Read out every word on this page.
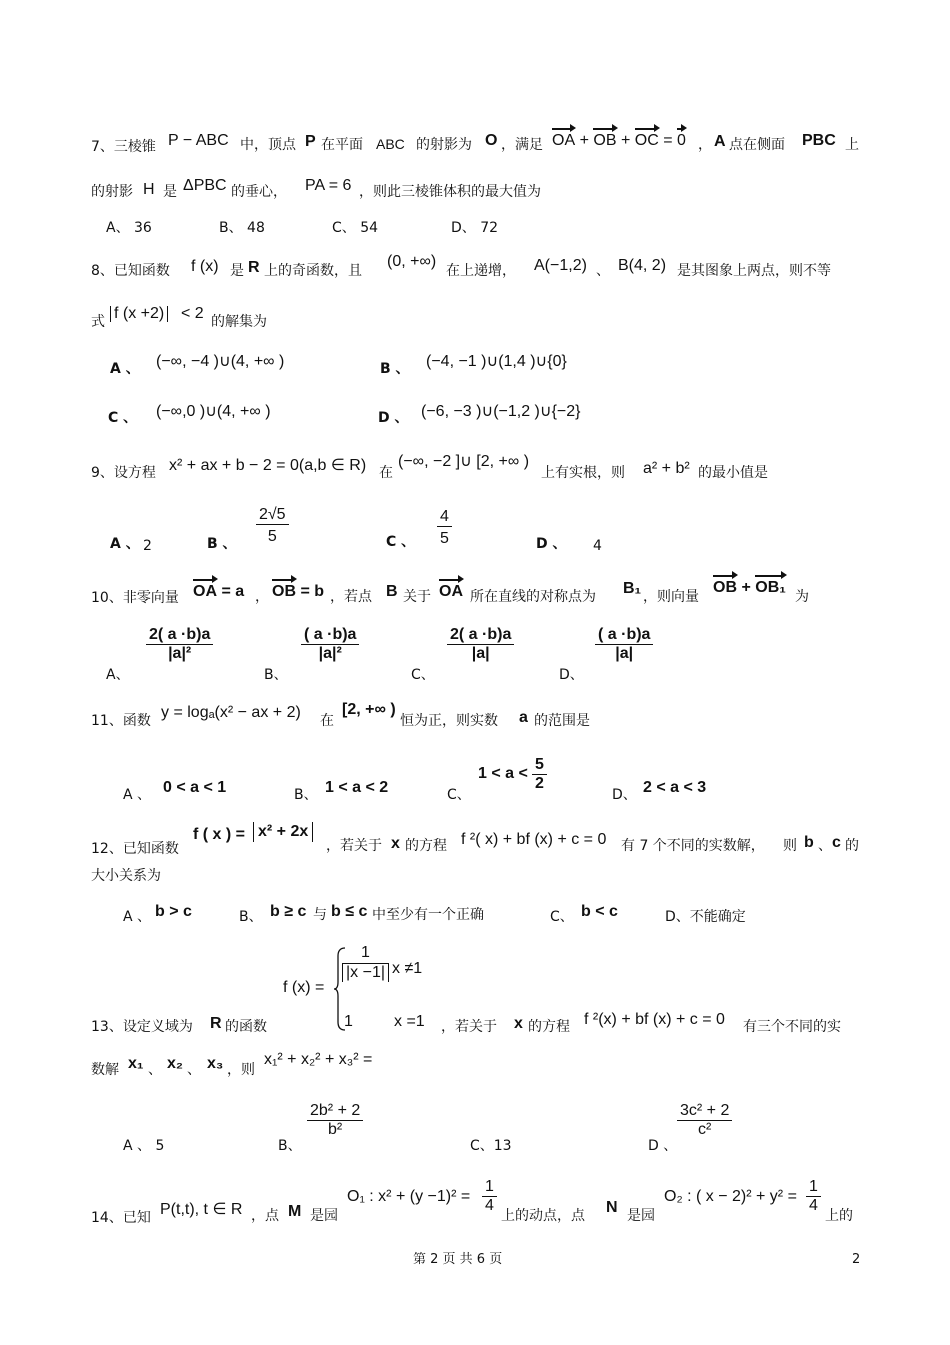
7、三棱锥 P − ABC 中，顶点 P 在平面 ABC 的射影为 O ，满足 OA + OB + OC = 0 ， A 点在侧面 PBC 上
的射影 H 是 ΔPBC 的垂心， PA = 6 ，则此三棱锥体积的最大值为
A、 36	B、 48	C、 54	D、 72
8、已知函数 f (x) 是 R 上的奇函数，且
(0, +∞)
在上递增， A(−1,2) 、 B(4, 2) 是其图象上两点，则不等
式 f (x +2) < 2 的解集为
A 、 (−∞, −4 )∪(4, +∞ )	B 、 (−4, −1 )∪(1,4 )∪{0}
C 、 (−∞,0 )∪(4, +∞ )	D 、 (−6, −3 )∪(−1,2 )∪{−2}
9、设方程 x² + ax + b − 2 = 0(a,b ∈ R) 在
(−∞, −2 ]∪ [2, +∞ )
上有实根，则 a² + b² 的最小值是
A 、 2	B 、 $\frac{2√5}{5}$	C 、 $\frac{4}{5}$	D 、 4
10、非零向量 OA = a ， OB = b ，若点 B 关于 OA 所在直线的对称点为 B₁ ，则向量
OB + OB₁
为
A、
$\frac{2( a \cdot b)a}{\text{|a|²}}$
B、
$\frac{( a \cdot b)a}{\text{|a|²}}$
C、
$\frac{2( a \cdot b)a}{|a|}$
D、
$\frac{( a \cdot b)a}{|a|}$
11、函数 y = logₐ(x² − ax + 2) 在
[2, +∞ )
恒为正，则实数 a 的范围是
A 、 0 < a < 1	B、 1 < a < 2	C、
$1 < a < \frac{5}{2}$
D、 2 < a < 3
12、已知函数
f ( x ) = x² + 2x
，若关于 x 的方程 f ²( x) + bf (x) + c = 0 有 7 个不同的实数解， 则 b 、 c 的
大小关系为
A 、 b > c	B、 b ≥ c 与 b ≤ c 中至少有一个正确	C、 b < c	D、不能确定
f (x) =
$\frac{1}{|x -1|}$ x ≠1
1	x =1
13、设定义域为 R 的函数	，若关于 x 的方程 f ²(x) + bf (x) + c = 0 有三个不同的实
数解 x₁ 、 x₂ 、 x₃ ，则
x₁² + x₂² + x₃² =
A 、 5	B、
$\frac{\text{2b² + 2}}{\text{b²}}$
C、13	D 、
$\frac{\text{3c² + 2}}{\text{c²}}$
14、已知 P(t,t), t ∈ R ，点 M 是园
O₁ : $x^2 + (y -1)^2 = \frac{1}{4}$
上的动点，点 N 是园
O₂ : ( $x - 2)^2 + y^2 = \frac{1}{4}$
上的
第 2 页 共 6 页	2
